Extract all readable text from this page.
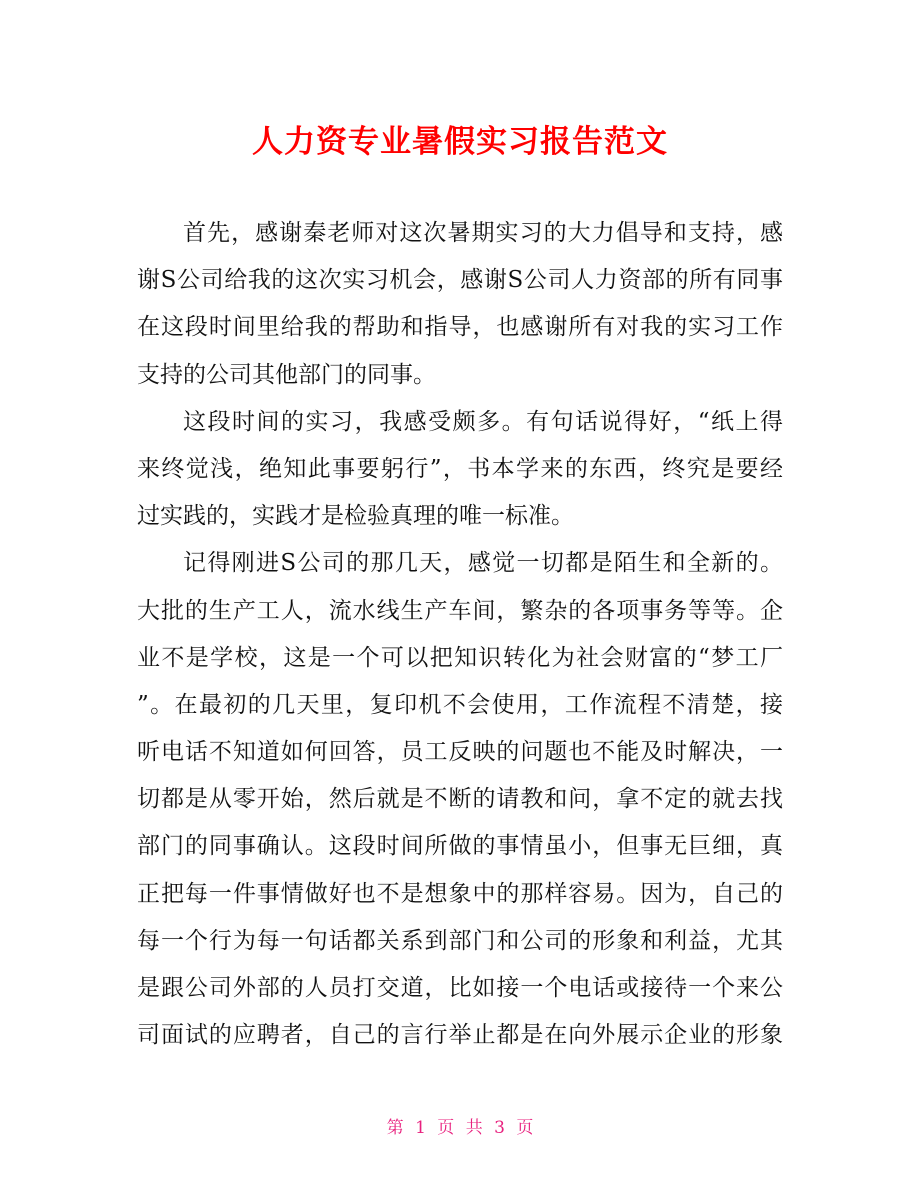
人力资专业暑假实习报告范文
首先，感谢秦老师对这次暑期实习的大力倡导和支持，感
谢S公司给我的这次实习机会，感谢S公司人力资部的所有同事
在这段时间里给我的帮助和指导，也感谢所有对我的实习工作
支持的公司其他部门的同事。
这段时间的实习，我感受颇多。有句话说得好，“纸上得
来终觉浅，绝知此事要躬行”，书本学来的东西，终究是要经
过实践的，实践才是检验真理的唯一标准。
记得刚进S公司的那几天，感觉一切都是陌生和全新的。
大批的生产工人，流水线生产车间，繁杂的各项事务等等。企
业不是学校，这是一个可以把知识转化为社会财富的“梦工厂
”。在最初的几天里，复印机不会使用，工作流程不清楚，接
听电话不知道如何回答，员工反映的问题也不能及时解决，一
切都是从零开始，然后就是不断的请教和问，拿不定的就去找
部门的同事确认。这段时间所做的事情虽小，但事无巨细，真
正把每一件事情做好也不是想象中的那样容易。因为，自己的
每一个行为每一句话都关系到部门和公司的形象和利益，尤其
是跟公司外部的人员打交道，比如接一个电话或接待一个来公
司面试的应聘者，自己的言行举止都是在向外展示企业的形象
第 1 页 共 3 页
